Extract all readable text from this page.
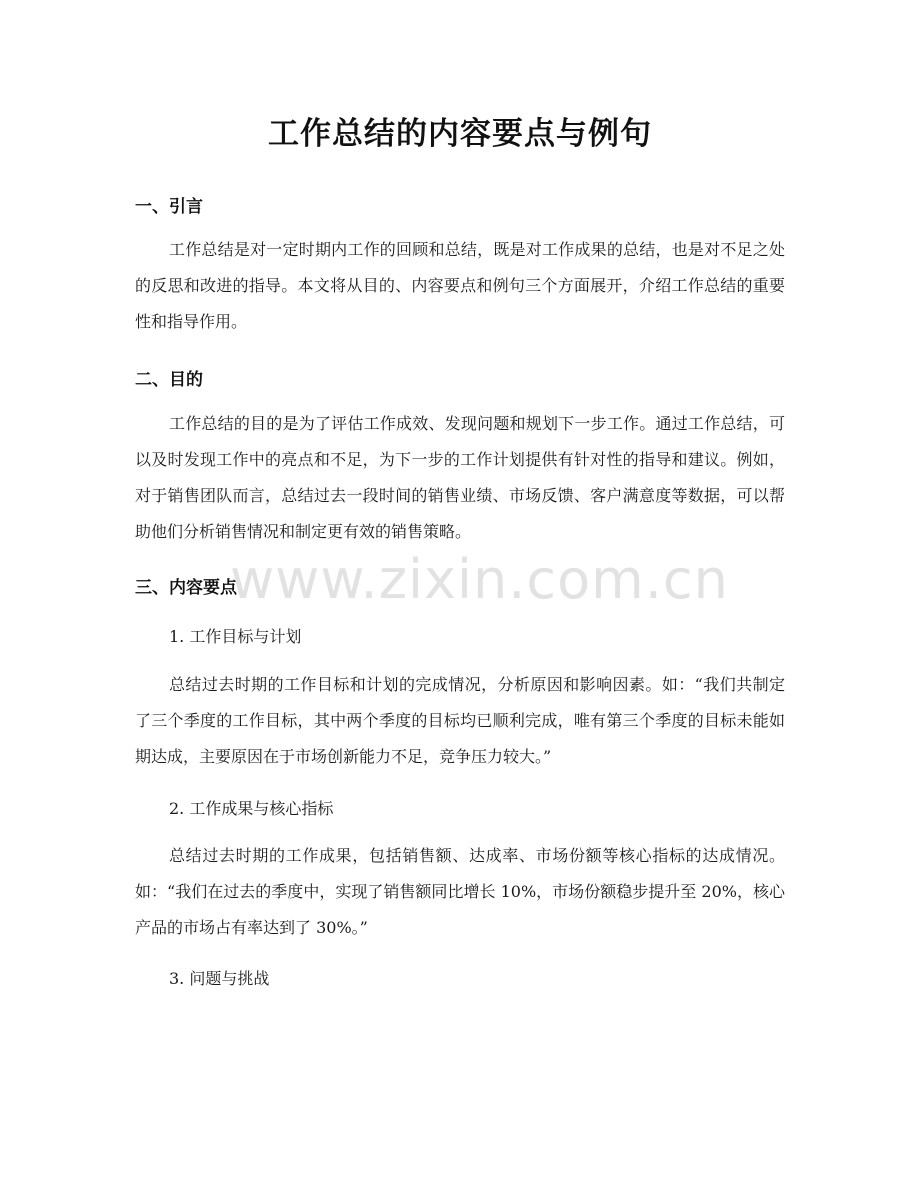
工作总结的内容要点与例句
一、引言

工作总结是对一定时期内工作的回顾和总结，既是对工作成果的总结，也是对不足之处的反思和改进的指导。本文将从目的、内容要点和例句三个方面展开，介绍工作总结的重要性和指导作用。

二、目的

工作总结的目的是为了评估工作成效、发现问题和规划下一步工作。通过工作总结，可以及时发现工作中的亮点和不足，为下一步的工作计划提供有针对性的指导和建议。例如，对于销售团队而言，总结过去一段时间的销售业绩、市场反馈、客户满意度等数据，可以帮助他们分析销售情况和制定更有效的销售策略。

三、内容要点

1. 工作目标与计划

总结过去时期的工作目标和计划的完成情况，分析原因和影响因素。如：“我们共制定了三个季度的工作目标，其中两个季度的目标均已顺利完成，唯有第三个季度的目标未能如期达成，主要原因在于市场创新能力不足，竞争压力较大。”

2. 工作成果与核心指标

总结过去时期的工作成果，包括销售额、达成率、市场份额等核心指标的达成情况。如：“我们在过去的季度中，实现了销售额同比增长 10%，市场份额稳步提升至 20%，核心产品的市场占有率达到了 30%。”

3. 问题与挑战

www.zixin.com.cn
